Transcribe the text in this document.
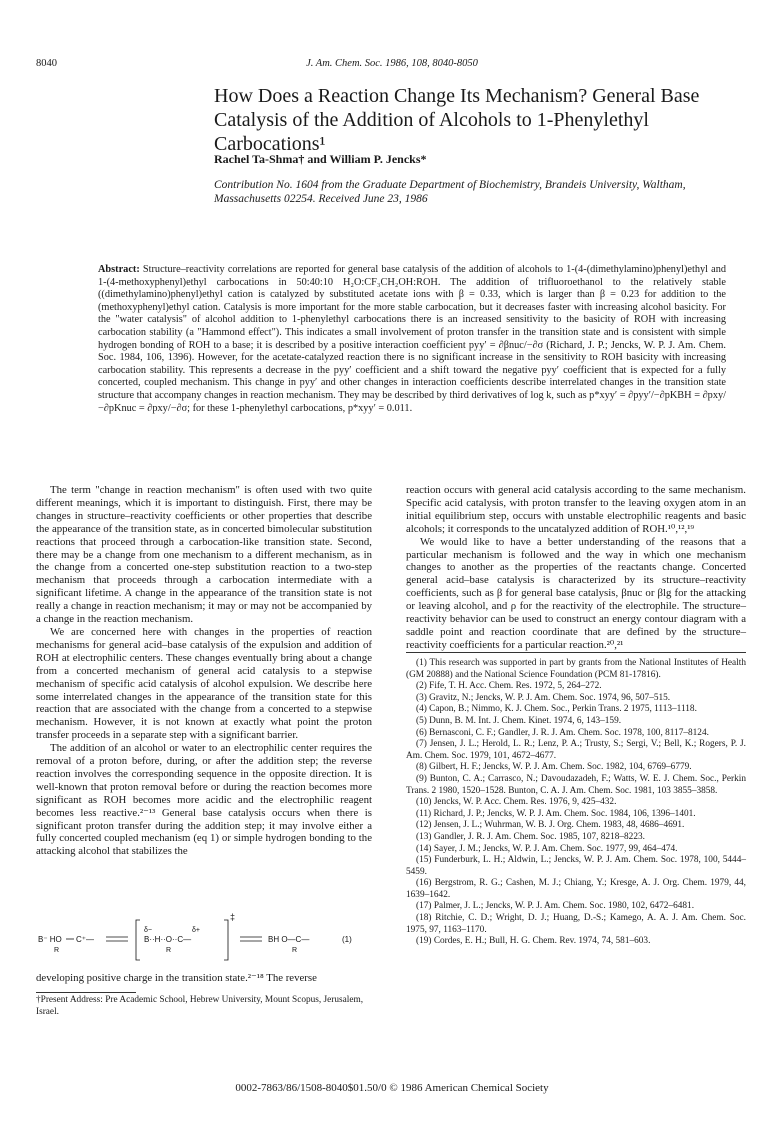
8040	J. Am. Chem. Soc. 1986, 108, 8040-8050
How Does a Reaction Change Its Mechanism? General Base Catalysis of the Addition of Alcohols to 1-Phenylethyl Carbocations¹
Rachel Ta-Shma† and William P. Jencks*
Contribution No. 1604 from the Graduate Department of Biochemistry, Brandeis University, Waltham, Massachusetts 02254. Received June 23, 1986
Abstract: Structure–reactivity correlations are reported for general base catalysis of the addition of alcohols to 1-(4-(dimethylamino)phenyl)ethyl and 1-(4-methoxyphenyl)ethyl carbocations in 50:40:10 H₂O:CF₃CH₂OH:ROH. The addition of trifluoroethanol to the relatively stable ((dimethylamino)phenyl)ethyl cation is catalyzed by substituted acetate ions with β = 0.33, which is larger than β = 0.23 for addition to the (methoxyphenyl)ethyl cation. Catalysis is more important for the more stable carbocation, but it decreases faster with increasing alcohol basicity. For the "water catalysis" of alcohol addition to 1-phenylethyl carbocations there is an increased sensitivity to the basicity of ROH with increasing carbocation stability (a "Hammond effect"). This indicates a small involvement of proton transfer in the transition state and is consistent with simple hydrogen bonding of ROH to a base; it is described by a positive interaction coefficient pyy′ = ∂βnuc/−∂σ (Richard, J. P.; Jencks, W. P. J. Am. Chem. Soc. 1984, 106, 1396). However, for the acetate-catalyzed reaction there is no significant increase in the sensitivity to ROH basicity with increasing carbocation stability. This represents a decrease in the pyy′ coefficient and a shift toward the negative pyy′ coefficient that is expected for a fully concerted, coupled mechanism. This change in pyy′ and other changes in interaction coefficients describe interrelated changes in the transition state structure that accompany changes in reaction mechanism. They may be described by third derivatives of log k, such as p*xyy′ = ∂pyy′/−∂pKBH = ∂pxy/−∂pKnuc = ∂pxy/−∂σ; for these 1-phenylethyl carbocations, p*xyy′ = 0.011.

The term "change in reaction mechanism" is often used with two quite different meanings, which it is important to distinguish. First, there may be changes in structure–reactivity coefficients or other properties that describe the appearance of the transition state, as in concerted bimolecular substitution reactions that proceed through a carbocation-like transition state. Second, there may be a change from one mechanism to a different mechanism, as in the change from a concerted one-step substitution reaction to a two-step mechanism that proceeds through a carbocation intermediate with a significant lifetime. A change in the appearance of the transition state is not really a change in reaction mechanism; it may or may not be accompanied by a change in the reaction mechanism.

We are concerned here with changes in the properties of reaction mechanisms for general acid–base catalysis of the expulsion and addition of ROH at electrophilic centers. These changes eventually bring about a change from a concerted mechanism of general acid catalysis to a stepwise mechanism of specific acid catalysis of alcohol expulsion. We describe here some interrelated changes in the appearance of the transition state for this reaction that are associated with the change from a concerted to a stepwise mechanism. However, it is not known at exactly what point the proton transfer proceeds in a separate step with a significant barrier.

The addition of an alcohol or water to an electrophilic center requires the removal of a proton before, during, or after the addition step; the reverse reaction involves the corresponding sequence in the opposite direction. It is well-known that proton removal before or during the reaction becomes more significant as ROH becomes more acidic and the electrophilic reagent becomes less reactive.²⁻¹³ General base catalysis occurs when there is significant proton transfer during the addition step; it may involve either a fully concerted coupled mechanism (eq 1) or simple hydrogen bonding to the attacking alcohol that stabilizes the

B⁻ HO
R
C⁺—
δ−
B··H··O··C—
R
δ+
‡
BH O—C—
R
(1)

developing positive charge in the transition state.²⁻¹⁸ The reverse

†Present Address: Pre Academic School, Hebrew University, Mount Scopus, Jerusalem, Israel.

reaction occurs with general acid catalysis according to the same mechanism. Specific acid catalysis, with proton transfer to the leaving oxygen atom in an initial equilibrium step, occurs with unstable electrophilic reagents and basic alcohols; it corresponds to the uncatalyzed addition of ROH.¹⁰,¹²,¹⁹

We would like to have a better understanding of the reasons that a particular mechanism is followed and the way in which one mechanism changes to another as the properties of the reactants change. Concerted general acid–base catalysis is characterized by its structure–reactivity coefficients, such as β for general base catalysis, βnuc or βlg for the attacking or leaving alcohol, and ρ for the reactivity of the electrophile. The structure–reactivity behavior can be used to construct an energy contour diagram with a saddle point and reaction coordinate that are defined by the structure–reactivity coefficients for a particular reaction.²⁰,²¹

(1) This research was supported in part by grants from the National Institutes of Health (GM 20888) and the National Science Foundation (PCM 81-17816).

(2) Fife, T. H. Acc. Chem. Res. 1972, 5, 264–272.

(3) Gravitz, N.; Jencks, W. P. J. Am. Chem. Soc. 1974, 96, 507–515.

(4) Capon, B.; Nimmo, K. J. Chem. Soc., Perkin Trans. 2 1975, 1113–1118.

(5) Dunn, B. M. Int. J. Chem. Kinet. 1974, 6, 143–159.

(6) Bernasconi, C. F.; Gandler, J. R. J. Am. Chem. Soc. 1978, 100, 8117–8124.

(7) Jensen, J. L.; Herold, L. R.; Lenz, P. A.; Trusty, S.; Sergi, V.; Bell, K.; Rogers, P. J. Am. Chem. Soc. 1979, 101, 4672–4677.

(8) Gilbert, H. F.; Jencks, W. P. J. Am. Chem. Soc. 1982, 104, 6769–6779.

(9) Bunton, C. A.; Carrasco, N.; Davoudazadeh, F.; Watts, W. E. J. Chem. Soc., Perkin Trans. 2 1980, 1520–1528. Bunton, C. A. J. Am. Chem. Soc. 1981, 103 3855–3858.

(10) Jencks, W. P. Acc. Chem. Res. 1976, 9, 425–432.

(11) Richard, J. P.; Jencks, W. P. J. Am. Chem. Soc. 1984, 106, 1396–1401.

(12) Jensen, J. L.; Wuhrman, W. B. J. Org. Chem. 1983, 48, 4686–4691.

(13) Gandler, J. R. J. Am. Chem. Soc. 1985, 107, 8218–8223.

(14) Sayer, J. M.; Jencks, W. P. J. Am. Chem. Soc. 1977, 99, 464–474.

(15) Funderburk, L. H.; Aldwin, L.; Jencks, W. P. J. Am. Chem. Soc. 1978, 100, 5444–5459.

(16) Bergstrom, R. G.; Cashen, M. J.; Chiang, Y.; Kresge, A. J. Org. Chem. 1979, 44, 1639–1642.

(17) Palmer, J. L.; Jencks, W. P. J. Am. Chem. Soc. 1980, 102, 6472–6481.

(18) Ritchie, C. D.; Wright, D. J.; Huang, D.-S.; Kamego, A. A. J. Am. Chem. Soc. 1975, 97, 1163–1170.

(19) Cordes, E. H.; Bull, H. G. Chem. Rev. 1974, 74, 581–603.

0002-7863/86/1508-8040$01.50/0 © 1986 American Chemical Society
